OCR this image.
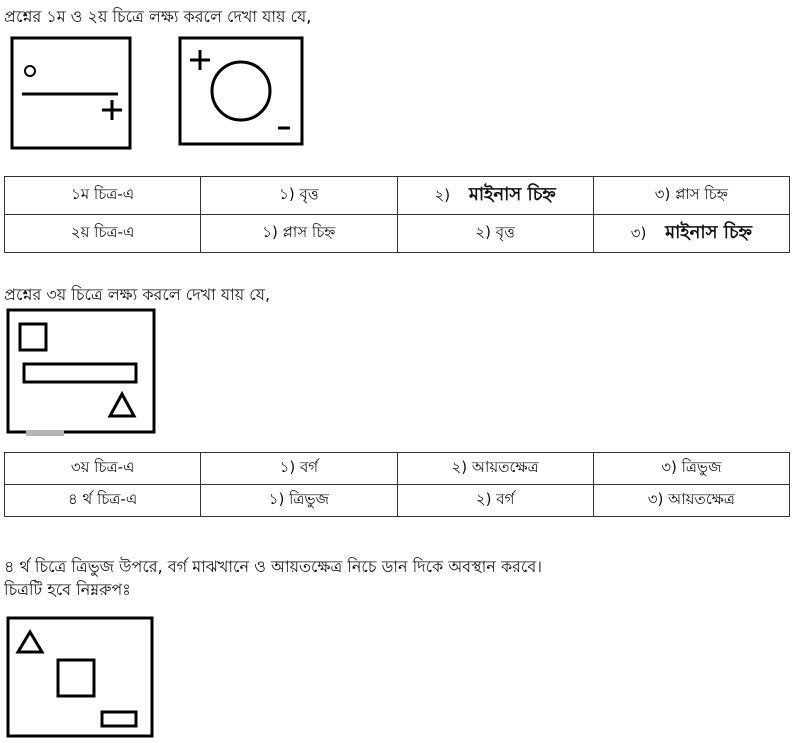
প্রশ্নের ১ম ও ২য় চিত্রে লক্ষ্য করলে দেখা যায় যে,
১ম চিত্র-এ	১) বৃত্ত	২) মাইনাস চিহ্ন	৩) প্লাস চিহ্ন
২য় চিত্র-এ	১) প্লাস চিহ্ন	২) বৃত্ত	৩) মাইনাস চিহ্ন
প্রশ্নের ৩য় চিত্রে লক্ষ্য করলে দেখা যায় যে,
৩য় চিত্র-এ	১) বর্গ	২) আয়তক্ষেত্র	৩) ত্রিভুজ
৪ র্থ চিত্র-এ	১) ত্রিভুজ	২) বর্গ	৩) আয়তক্ষেত্র
৪ র্থ চিত্রে ত্রিভুজ উপরে, বর্গ মাঝখানে ও আয়তক্ষেত্র নিচে ডান দিকে অবস্থান করবে।
চিত্রটি হবে নিম্নরুপঃ
